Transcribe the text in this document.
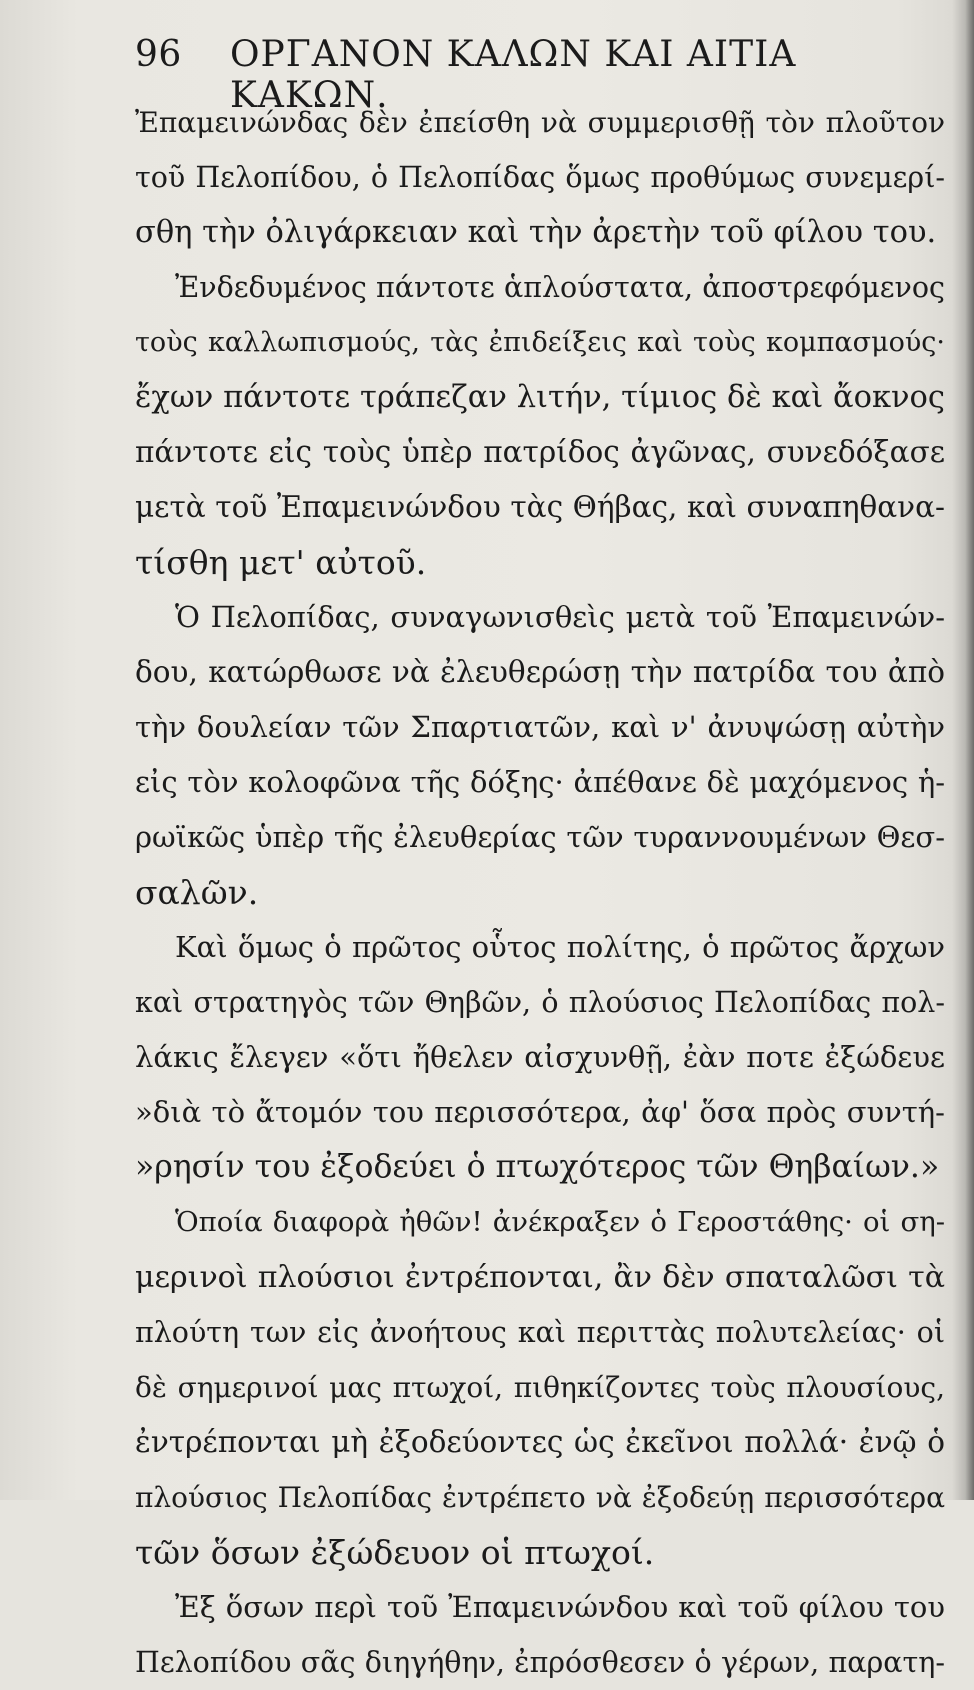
96 ΟΡΓΑΝΟΝ ΚΑΛΩΝ ΚΑΙ ΑΙΤΙΑ ΚΑΚΩΝ.
Ἐπαμεινώνδας δὲν ἐπείσθη νὰ συμμερισθῇ τὸν πλοῦτον
τοῦ Πελοπίδου, ὁ Πελοπίδας ὅμως προθύμως συνεμερί-
σθη τὴν ὀλιγάρκειαν καὶ τὴν ἀρετὴν τοῦ φίλου του.
Ἐνδεδυμένος πάντοτε ἁπλούστατα, ἀποστρεφόμενος
τοὺς καλλωπισμούς, τὰς ἐπιδείξεις καὶ τοὺς κομπασμούς·
ἔχων πάντοτε τράπεζαν λιτήν, τίμιος δὲ καὶ ἄοκνος
πάντοτε εἰς τοὺς ὑπὲρ πατρίδος ἀγῶνας, συνεδόξασε
μετὰ τοῦ Ἐπαμεινώνδου τὰς Θήβας, καὶ συναπηθανα-
τίσθη μετ' αὐτοῦ.
Ὁ Πελοπίδας, συναγωνισθεὶς μετὰ τοῦ Ἐπαμεινών-
δου, κατώρθωσε νὰ ἐλευθερώσῃ τὴν πατρίδα του ἀπὸ
τὴν δουλείαν τῶν Σπαρτιατῶν, καὶ ν' ἀνυψώσῃ αὐτὴν
εἰς τὸν κολοφῶνα τῆς δόξης· ἀπέθανε δὲ μαχόμενος ἡ-
ρωϊκῶς ὑπὲρ τῆς ἐλευθερίας τῶν τυραννουμένων Θεσ-
σαλῶν.
Καὶ ὅμως ὁ πρῶτος οὗτος πολίτης, ὁ πρῶτος ἄρχων
καὶ στρατηγὸς τῶν Θηβῶν, ὁ πλούσιος Πελοπίδας πολ-
λάκις ἔλεγεν «ὅτι ἤθελεν αἰσχυνθῇ, ἐὰν ποτε ἐξώδευε
»διὰ τὸ ἄτομόν του περισσότερα, ἀφ' ὅσα πρὸς συντή-
»ρησίν του ἐξοδεύει ὁ πτωχότερος τῶν Θηβαίων.»
Ὁποία διαφορὰ ἠθῶν! ἀνέκραξεν ὁ Γεροστάθης· οἱ ση-
μερινοὶ πλούσιοι ἐντρέπονται, ἂν δὲν σπαταλῶσι τὰ
πλούτη των εἰς ἀνοήτους καὶ περιττὰς πολυτελείας· οἱ
δὲ σημερινοί μας πτωχοί, πιθηκίζοντες τοὺς πλουσίους,
ἐντρέπονται μὴ ἐξοδεύοντες ὡς ἐκεῖνοι πολλά· ἐνῷ ὁ
πλούσιος Πελοπίδας ἐντρέπετο νὰ ἐξοδεύῃ περισσότερα
τῶν ὅσων ἐξώδευον οἱ πτωχοί.
Ἐξ ὅσων περὶ τοῦ Ἐπαμεινώνδου καὶ τοῦ φίλου του
Πελοπίδου σᾶς διηγήθην, ἐπρόσθεσεν ὁ γέρων, παρατη-
